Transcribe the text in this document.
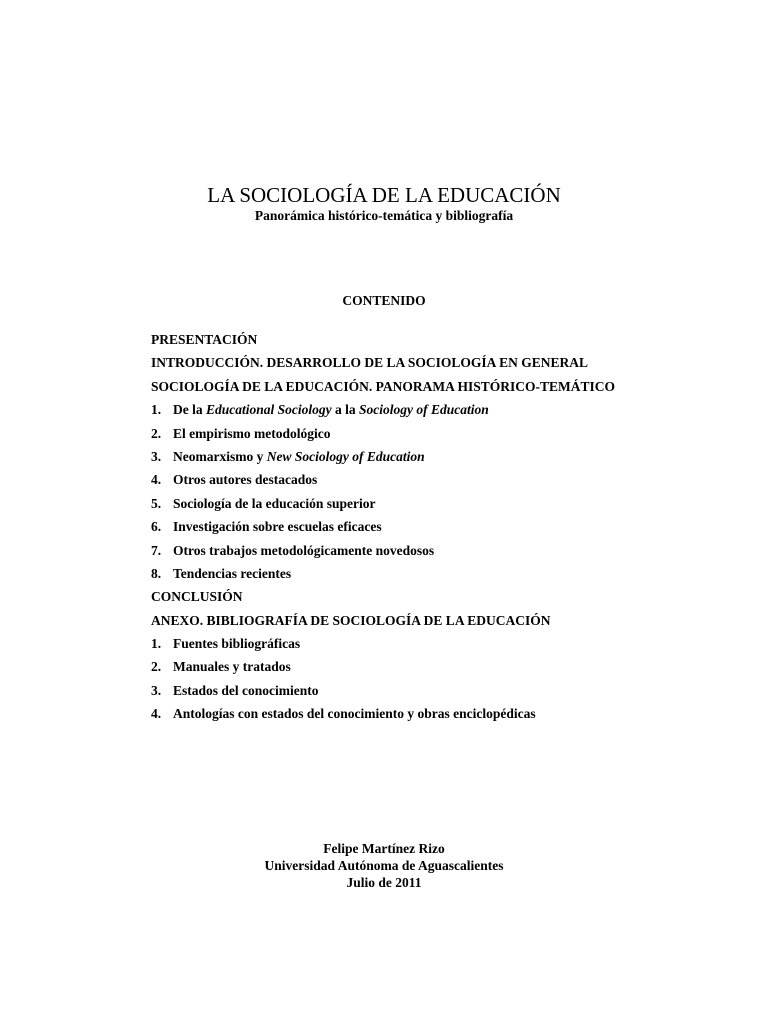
LA SOCIOLOGÍA DE LA EDUCACIÓN
Panorámica histórico-temática y bibliografía
CONTENIDO
PRESENTACIÓN
INTRODUCCIÓN. DESARROLLO DE LA SOCIOLOGÍA EN GENERAL
SOCIOLOGÍA DE LA EDUCACIÓN. PANORAMA HISTÓRICO-TEMÁTICO
1. De la Educational Sociology a la Sociology of Education
2. El empirismo metodológico
3. Neomarxismo y New Sociology of Education
4. Otros autores destacados
5. Sociología de la educación superior
6. Investigación sobre escuelas eficaces
7. Otros trabajos metodológicamente novedosos
8. Tendencias recientes
CONCLUSIÓN
ANEXO. BIBLIOGRAFÍA DE SOCIOLOGÍA DE LA EDUCACIÓN
1. Fuentes bibliográficas
2. Manuales y tratados
3. Estados del conocimiento
4. Antologías con estados del conocimiento y obras enciclopédicas
Felipe Martínez Rizo
Universidad Autónoma de Aguascalientes
Julio de 2011
